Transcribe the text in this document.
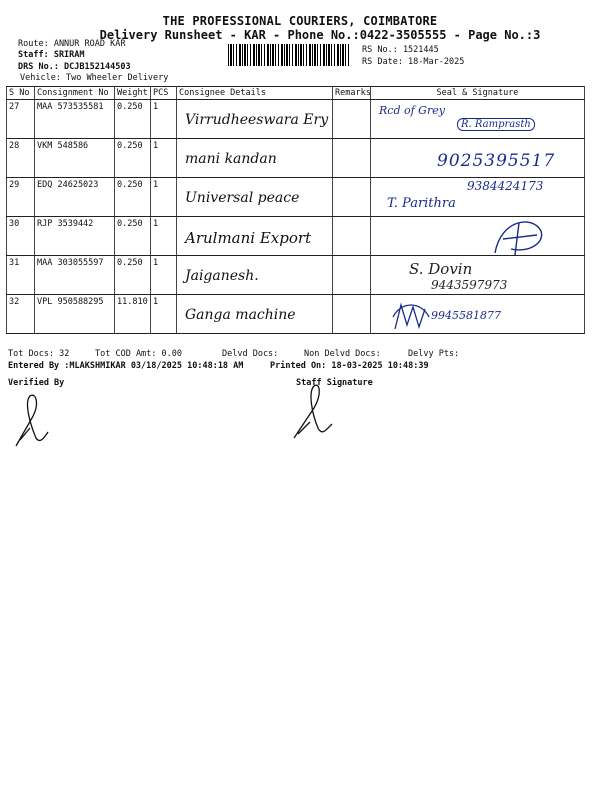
THE PROFESSIONAL COURIERS, COIMBATORE
Delivery Runsheet - KAR - Phone No.:0422-3505555 - Page No.:3
Route: ANNUR ROAD KAR
Staff: SRIRAM
DRS No.: DCJB152144503
Vehicle: Two Wheeler Delivery
RS No.: 1521445
RS Date: 18-Mar-2025
S No	Consignment No	Weight	PCS	Consignee Details	Remarks	Seal & Signature
27	MAA 573535581	0.250	1	Virrudheeswara Ery		Rcd of Grey
R. Ramprasth

28	VKM 548586	0.250	1	mani kandan		9025395517

29	EDQ 24625023	0.250	1	Universal peace		9384424173
T. Parithra

30	RJP 3539442	0.250	1	Arulmani Export

31	MAA 303055597	0.250	1	Jaiganesh.		S. Dovin
9443597973

32	VPL 950588295	11.810	1	Ganga machine		9945581877
Tot Docs: 32	Tot COD Amt: 0.00	Delvd Docs:	Non Delvd Docs:	Delvy Pts:
Entered By :MLAKSHMIKAR 03/18/2025 10:48:18 AM	Printed On: 18-03-2025 10:48:39
Verified By	Staff Signature
